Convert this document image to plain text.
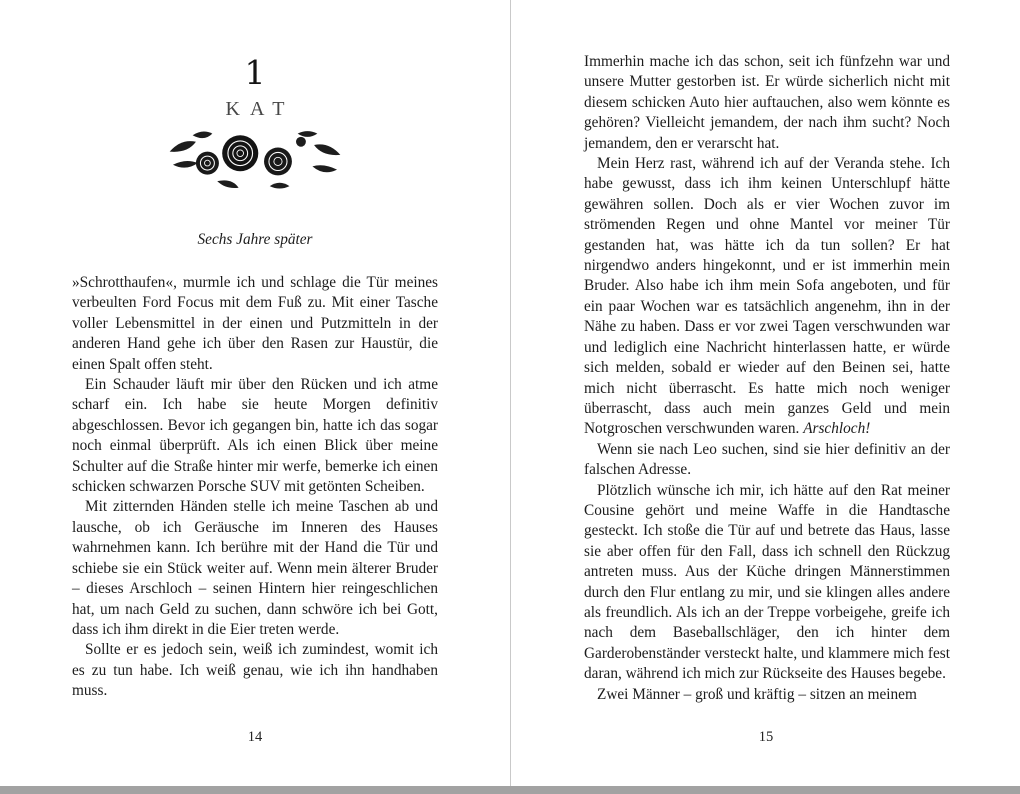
1
KAT
Sechs Jahre später

»Schrotthaufen«, murmle ich und schlage die Tür meines verbeulten Ford Focus mit dem Fuß zu. Mit einer Tasche voller Lebensmittel in der einen und Putzmitteln in der anderen Hand gehe ich über den Rasen zur Haustür, die einen Spalt offen steht.

Ein Schauder läuft mir über den Rücken und ich atme scharf ein. Ich habe sie heute Morgen definitiv abgeschlossen. Bevor ich gegangen bin, hatte ich das sogar noch einmal überprüft. Als ich einen Blick über meine Schulter auf die Straße hinter mir werfe, bemerke ich einen schicken schwarzen Porsche SUV mit getönten Scheiben.

Mit zitternden Händen stelle ich meine Taschen ab und lausche, ob ich Geräusche im Inneren des Hauses wahrnehmen kann. Ich berühre mit der Hand die Tür und schiebe sie ein Stück weiter auf. Wenn mein älterer Bruder – dieses Arschloch – seinen Hintern hier reingeschlichen hat, um nach Geld zu suchen, dann schwöre ich bei Gott, dass ich ihm direkt in die Eier treten werde.

Sollte er es jedoch sein, weiß ich zumindest, womit ich es zu tun habe. Ich weiß genau, wie ich ihn handhaben muss.

14

Immerhin mache ich das schon, seit ich fünfzehn war und unsere Mutter gestorben ist. Er würde sicherlich nicht mit diesem schicken Auto hier auftauchen, also wem könnte es gehören? Vielleicht jemandem, der nach ihm sucht? Noch jemandem, den er verarscht hat.

Mein Herz rast, während ich auf der Veranda stehe. Ich habe gewusst, dass ich ihm keinen Unterschlupf hätte gewähren sollen. Doch als er vier Wochen zuvor im strömenden Regen und ohne Mantel vor meiner Tür gestanden hat, was hätte ich da tun sollen? Er hat nirgendwo anders hingekonnt, und er ist immerhin mein Bruder. Also habe ich ihm mein Sofa angeboten, und für ein paar Wochen war es tatsächlich angenehm, ihn in der Nähe zu haben. Dass er vor zwei Tagen verschwunden war und lediglich eine Nachricht hinterlassen hatte, er würde sich melden, sobald er wieder auf den Beinen sei, hatte mich nicht überrascht. Es hatte mich noch weniger überrascht, dass auch mein ganzes Geld und mein Notgroschen verschwunden waren. Arschloch!

Wenn sie nach Leo suchen, sind sie hier definitiv an der falschen Adresse.

Plötzlich wünsche ich mir, ich hätte auf den Rat meiner Cousine gehört und meine Waffe in die Handtasche gesteckt. Ich stoße die Tür auf und betrete das Haus, lasse sie aber offen für den Fall, dass ich schnell den Rückzug antreten muss. Aus der Küche dringen Männerstimmen durch den Flur entlang zu mir, und sie klingen alles andere als freundlich. Als ich an der Treppe vorbeigehe, greife ich nach dem Baseballschläger, den ich hinter dem Garderobenständer versteckt halte, und klammere mich fest daran, während ich mich zur Rückseite des Hauses begebe.

Zwei Männer – groß und kräftig – sitzen an meinem

15
